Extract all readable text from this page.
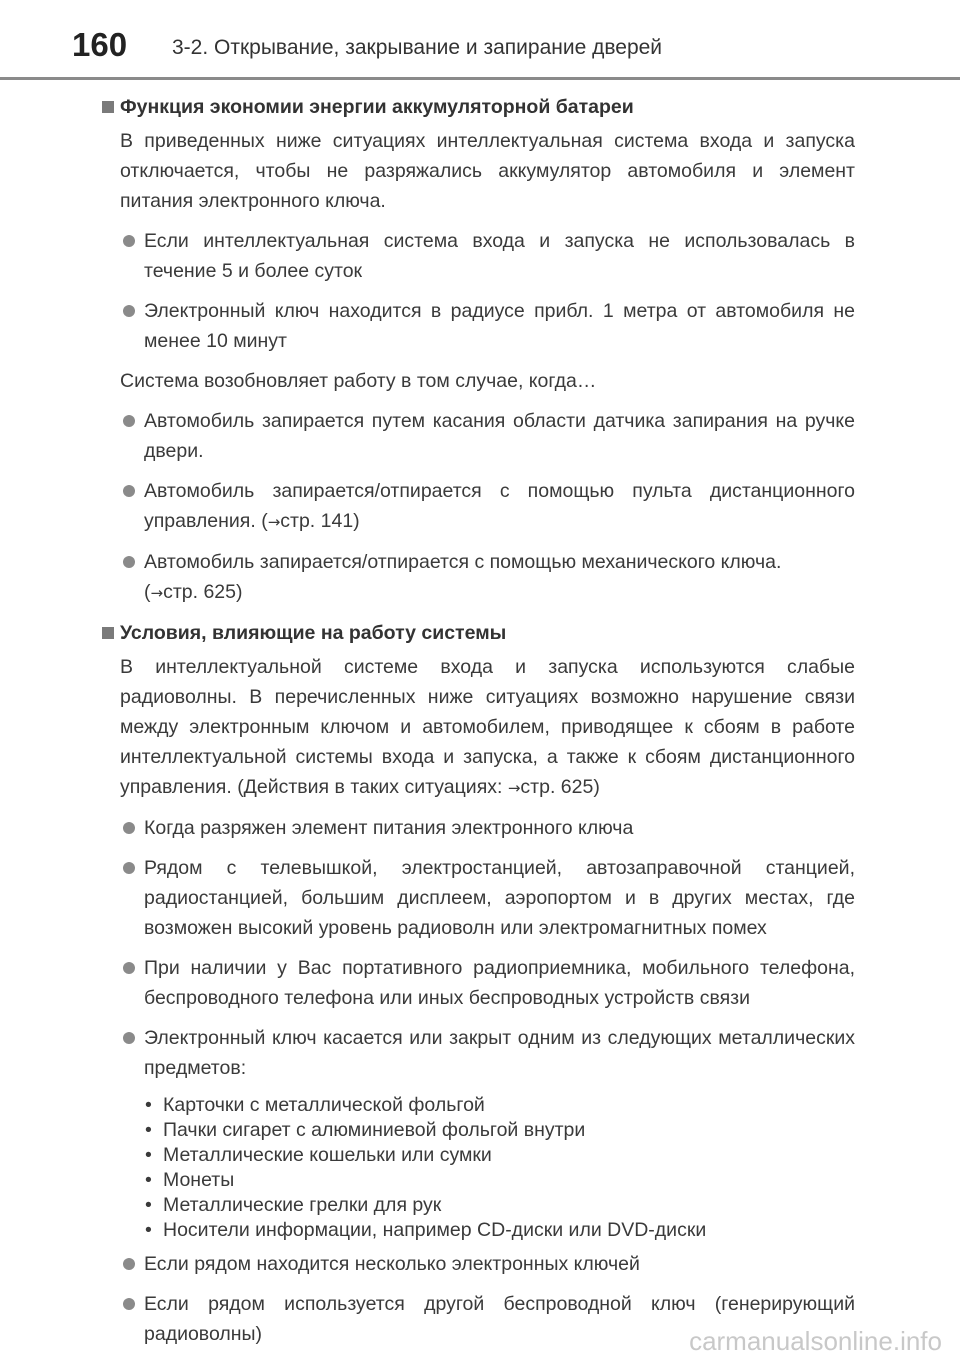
160 3-2. Открывание, закрывание и запирание дверей
Функция экономии энергии аккумуляторной батареи

В приведенных ниже ситуациях интеллектуальная система входа и запуска отключается, чтобы не разряжались аккумулятор автомобиля и элемент питания электронного ключа.

Если интеллектуальная система входа и запуска не использовалась в течение 5 и более суток
Электронный ключ находится в радиусе прибл. 1 метра от автомобиля не менее 10 минут

Система возобновляет работу в том случае, когда…

Автомобиль запирается путем касания области датчика запирания на ручке двери.
Автомобиль запирается/отпирается с помощью пульта дистанционного управления. (→стр. 141)
Автомобиль запирается/отпирается с помощью механического ключа.
(→стр. 625)
Условия, влияющие на работу системы

В интеллектуальной системе входа и запуска используются слабые радиоволны. В перечисленных ниже ситуациях возможно нарушение связи между электронным ключом и автомобилем, приводящее к сбоям в работе интеллектуальной системы входа и запуска, а также к сбоям дистанционного управления. (Действия в таких ситуациях: →стр. 625)

Когда разряжен элемент питания электронного ключа
Рядом с телевышкой, электростанцией, автозаправочной станцией, радиостанцией, большим дисплеем, аэропортом и в других местах, где возможен высокий уровень радиоволн или электромагнитных помех
При наличии у Вас портативного радиоприемника, мобильного телефона, беспроводного телефона или иных беспроводных устройств связи
Электронный ключ касается или закрыт одним из следующих металлических предметов:
• Карточки с металлической фольгой
• Пачки сигарет с алюминиевой фольгой внутри
• Металлические кошельки или сумки
• Монеты
• Металлические грелки для рук
• Носители информации, например CD-диски или DVD-диски
Если рядом находится несколько электронных ключей
Если рядом используется другой беспроводной ключ (генерирующий радиоволны)	carmanualsonline.info
